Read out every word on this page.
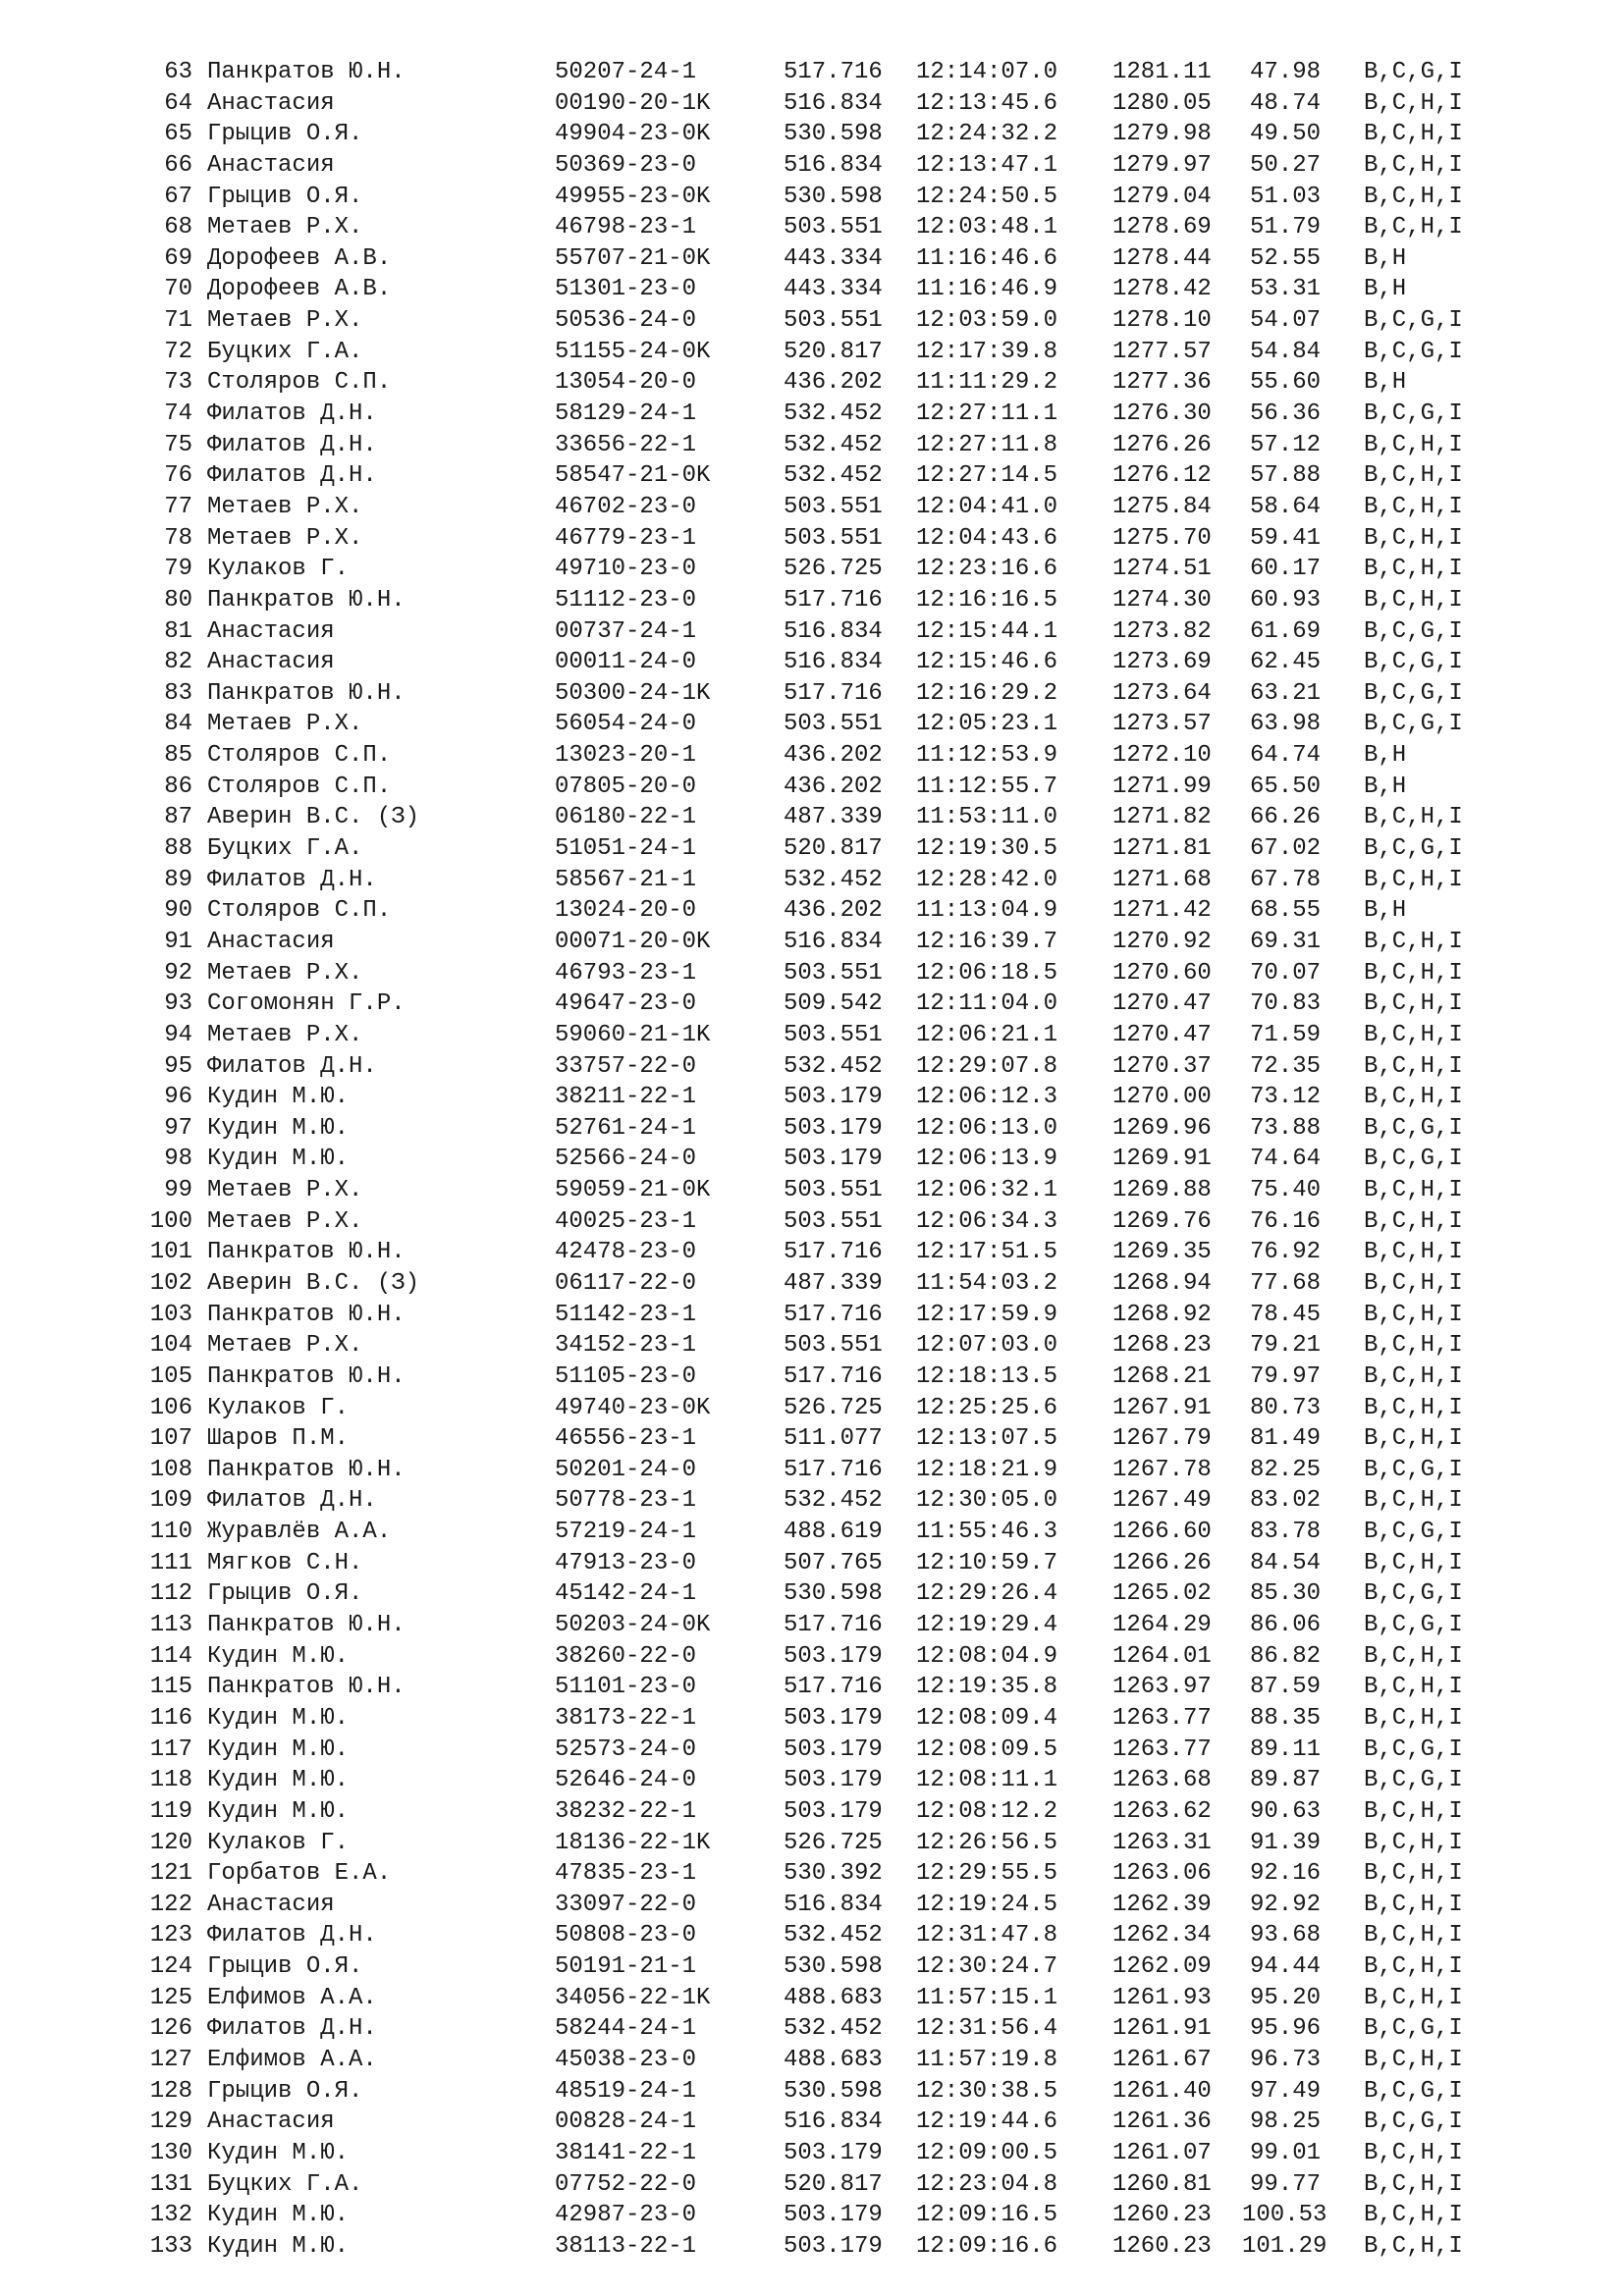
63 Панкратов Ю.Н.	50207-24-1	517.716 12:14:07.0 1281.11	47.98 B,C,G,I
64 Анастасия	00190-20-1K	516.834 12:13:45.6 1280.05	48.74 B,C,H,I
65 Грыцив О.Я.	49904-23-0K	530.598 12:24:32.2 1279.98	49.50 B,C,H,I
66 Анастасия	50369-23-0	516.834 12:13:47.1 1279.97	50.27 B,C,H,I
67 Грыцив О.Я.	49955-23-0K	530.598 12:24:50.5 1279.04	51.03 B,C,H,I
68 Метаев Р.Х.	46798-23-1	503.551 12:03:48.1 1278.69	51.79 B,C,H,I
69 Дорофеев А.В.	55707-21-0K	443.334 11:16:46.6 1278.44	52.55 B,H
70 Дорофеев А.В.	51301-23-0	443.334 11:16:46.9 1278.42	53.31 B,H
71 Метаев Р.Х.	50536-24-0	503.551 12:03:59.0 1278.10	54.07 B,C,G,I
72 Буцких Г.А.	51155-24-0K	520.817 12:17:39.8 1277.57	54.84 B,C,G,I
73 Столяров С.П.	13054-20-0	436.202 11:11:29.2 1277.36	55.60 B,H
74 Филатов Д.Н.	58129-24-1	532.452 12:27:11.1 1276.30	56.36 B,C,G,I
75 Филатов Д.Н.	33656-22-1	532.452 12:27:11.8 1276.26	57.12 B,C,H,I
76 Филатов Д.Н.	58547-21-0K	532.452 12:27:14.5 1276.12	57.88 B,C,H,I
77 Метаев Р.Х.	46702-23-0	503.551 12:04:41.0 1275.84	58.64 B,C,H,I
78 Метаев Р.Х.	46779-23-1	503.551 12:04:43.6 1275.70	59.41 B,C,H,I
79 Кулаков Г.	49710-23-0	526.725 12:23:16.6 1274.51	60.17 B,C,H,I
80 Панкратов Ю.Н.	51112-23-0	517.716 12:16:16.5 1274.30	60.93 B,C,H,I
81 Анастасия	00737-24-1	516.834 12:15:44.1 1273.82	61.69 B,C,G,I
82 Анастасия	00011-24-0	516.834 12:15:46.6 1273.69	62.45 B,C,G,I
83 Панкратов Ю.Н.	50300-24-1K	517.716 12:16:29.2 1273.64	63.21 B,C,G,I
84 Метаев Р.Х.	56054-24-0	503.551 12:05:23.1 1273.57	63.98 B,C,G,I
85 Столяров С.П.	13023-20-1	436.202 11:12:53.9 1272.10	64.74 B,H
86 Столяров С.П.	07805-20-0	436.202 11:12:55.7 1271.99	65.50 B,H
87 Аверин В.С. (З)	06180-22-1	487.339 11:53:11.0 1271.82	66.26 B,C,H,I
88 Буцких Г.А.	51051-24-1	520.817 12:19:30.5 1271.81	67.02 B,C,G,I
89 Филатов Д.Н.	58567-21-1	532.452 12:28:42.0 1271.68	67.78 B,C,H,I
90 Столяров С.П.	13024-20-0	436.202 11:13:04.9 1271.42	68.55 B,H
91 Анастасия	00071-20-0K	516.834 12:16:39.7 1270.92	69.31 B,C,H,I
92 Метаев Р.Х.	46793-23-1	503.551 12:06:18.5 1270.60	70.07 B,C,H,I
93 Согомонян Г.Р.	49647-23-0	509.542 12:11:04.0 1270.47	70.83 B,C,H,I
94 Метаев Р.Х.	59060-21-1K	503.551 12:06:21.1 1270.47	71.59 B,C,H,I
95 Филатов Д.Н.	33757-22-0	532.452 12:29:07.8 1270.37	72.35 B,C,H,I
96 Кудин М.Ю.	38211-22-1	503.179 12:06:12.3 1270.00	73.12 B,C,H,I
97 Кудин М.Ю.	52761-24-1	503.179 12:06:13.0 1269.96	73.88 B,C,G,I
98 Кудин М.Ю.	52566-24-0	503.179 12:06:13.9 1269.91	74.64 B,C,G,I
99 Метаев Р.Х.	59059-21-0K	503.551 12:06:32.1 1269.88	75.40 B,C,H,I
100 Метаев Р.Х.	40025-23-1	503.551 12:06:34.3 1269.76	76.16 B,C,H,I
101 Панкратов Ю.Н.	42478-23-0	517.716 12:17:51.5 1269.35	76.92 B,C,H,I
102 Аверин В.С. (З)	06117-22-0	487.339 11:54:03.2 1268.94	77.68 B,C,H,I
103 Панкратов Ю.Н.	51142-23-1	517.716 12:17:59.9 1268.92	78.45 B,C,H,I
104 Метаев Р.Х.	34152-23-1	503.551 12:07:03.0 1268.23	79.21 B,C,H,I
105 Панкратов Ю.Н.	51105-23-0	517.716 12:18:13.5 1268.21	79.97 B,C,H,I
106 Кулаков Г.	49740-23-0K	526.725 12:25:25.6 1267.91	80.73 B,C,H,I
107 Шаров П.М.	46556-23-1	511.077 12:13:07.5 1267.79	81.49 B,C,H,I
108 Панкратов Ю.Н.	50201-24-0	517.716 12:18:21.9 1267.78	82.25 B,C,G,I
109 Филатов Д.Н.	50778-23-1	532.452 12:30:05.0 1267.49	83.02 B,C,H,I
110 Журавлёв А.А.	57219-24-1	488.619 11:55:46.3 1266.60	83.78 B,C,G,I
111 Мягков С.Н.	47913-23-0	507.765 12:10:59.7 1266.26	84.54 B,C,H,I
112 Грыцив О.Я.	45142-24-1	530.598 12:29:26.4 1265.02	85.30 B,C,G,I
113 Панкратов Ю.Н.	50203-24-0K	517.716 12:19:29.4 1264.29	86.06 B,C,G,I
114 Кудин М.Ю.	38260-22-0	503.179 12:08:04.9 1264.01	86.82 B,C,H,I
115 Панкратов Ю.Н.	51101-23-0	517.716 12:19:35.8 1263.97	87.59 B,C,H,I
116 Кудин М.Ю.	38173-22-1	503.179 12:08:09.4 1263.77	88.35 B,C,H,I
117 Кудин М.Ю.	52573-24-0	503.179 12:08:09.5 1263.77	89.11 B,C,G,I
118 Кудин М.Ю.	52646-24-0	503.179 12:08:11.1 1263.68	89.87 B,C,G,I
119 Кудин М.Ю.	38232-22-1	503.179 12:08:12.2 1263.62	90.63 B,C,H,I
120 Кулаков Г.	18136-22-1K	526.725 12:26:56.5 1263.31	91.39 B,C,H,I
121 Горбатов Е.А.	47835-23-1	530.392 12:29:55.5 1263.06	92.16 B,C,H,I
122 Анастасия	33097-22-0	516.834 12:19:24.5 1262.39	92.92 B,C,H,I
123 Филатов Д.Н.	50808-23-0	532.452 12:31:47.8 1262.34	93.68 B,C,H,I
124 Грыцив О.Я.	50191-21-1	530.598 12:30:24.7 1262.09	94.44 B,C,H,I
125 Елфимов А.А.	34056-22-1K	488.683 11:57:15.1 1261.93	95.20 B,C,H,I
126 Филатов Д.Н.	58244-24-1	532.452 12:31:56.4 1261.91	95.96 B,C,G,I
127 Елфимов А.А.	45038-23-0	488.683 11:57:19.8 1261.67	96.73 B,C,H,I
128 Грыцив О.Я.	48519-24-1	530.598 12:30:38.5 1261.40	97.49 B,C,G,I
129 Анастасия	00828-24-1	516.834 12:19:44.6 1261.36	98.25 B,C,G,I
130 Кудин М.Ю.	38141-22-1	503.179 12:09:00.5 1261.07	99.01 B,C,H,I
131 Буцких Г.А.	07752-22-0	520.817 12:23:04.8 1260.81	99.77 B,C,H,I
132 Кудин М.Ю.	42987-23-0	503.179 12:09:16.5 1260.23 100.53 B,C,H,I
133 Кудин М.Ю.	38113-22-1	503.179 12:09:16.6 1260.23 101.29 B,C,H,I
